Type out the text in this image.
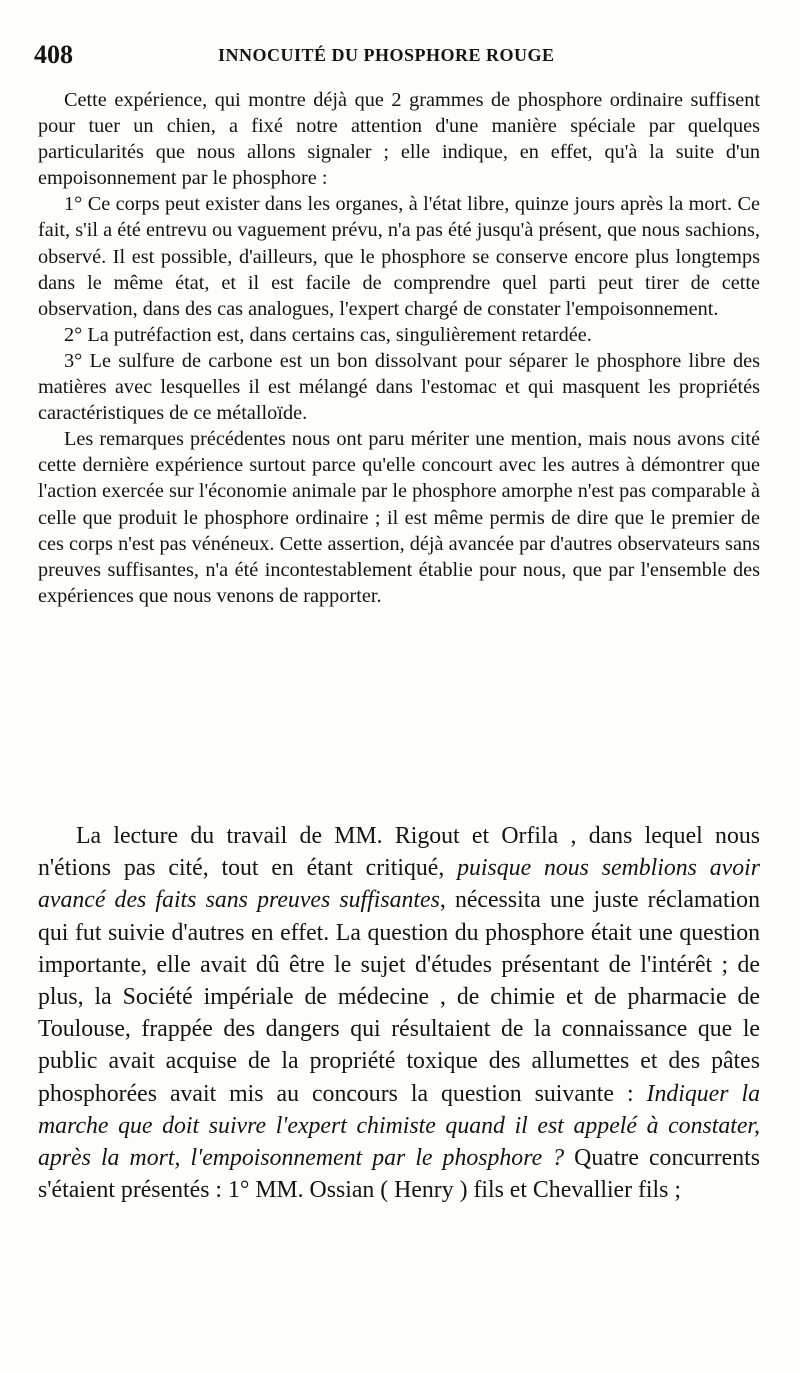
408	INNOCUITÉ DU PHOSPHORE ROUGE

Cette expérience, qui montre déjà que 2 grammes de phosphore ordinaire suffisent pour tuer un chien, a fixé notre attention d'une manière spéciale par quelques particularités que nous allons signaler ; elle indique, en effet, qu'à la suite d'un empoisonnement par le phosphore :

1° Ce corps peut exister dans les organes, à l'état libre, quinze jours après la mort. Ce fait, s'il a été entrevu ou vaguement prévu, n'a pas été jusqu'à présent, que nous sachions, observé. Il est possible, d'ailleurs, que le phosphore se conserve encore plus longtemps dans le même état, et il est facile de comprendre quel parti peut tirer de cette observation, dans des cas analogues, l'expert chargé de constater l'empoisonnement.

2° La putréfaction est, dans certains cas, singulièrement retardée.

3° Le sulfure de carbone est un bon dissolvant pour séparer le phosphore libre des matières avec lesquelles il est mélangé dans l'estomac et qui masquent les propriétés caractéristiques de ce métalloïde.

Les remarques précédentes nous ont paru mériter une mention, mais nous avons cité cette dernière expérience surtout parce qu'elle concourt avec les autres à démontrer que l'action exercée sur l'économie animale par le phosphore amorphe n'est pas comparable à celle que produit le phosphore ordinaire ; il est même permis de dire que le premier de ces corps n'est pas vénéneux. Cette assertion, déjà avancée par d'autres observateurs sans preuves suffisantes, n'a été incontestablement établie pour nous, que par l'ensemble des expériences que nous venons de rapporter.

La lecture du travail de MM. Rigout et Orfila , dans lequel nous n'étions pas cité, tout en étant critiqué, puisque nous semblions avoir avancé des faits sans preuves suffisantes, nécessita une juste réclamation qui fut suivie d'autres en effet. La question du phosphore était une question importante, elle avait dû être le sujet d'études présentant de l'intérêt ; de plus, la Société impériale de médecine , de chimie et de pharmacie de Toulouse, frappée des dangers qui résultaient de la connaissance que le public avait acquise de la propriété toxique des allumettes et des pâtes phosphorées avait mis au concours la question suivante : Indiquer la marche que doit suivre l'expert chimiste quand il est appelé à constater, après la mort, l'empoisonnement par le phosphore ? Quatre concurrents s'étaient présentés : 1° MM. Ossian ( Henry ) fils et Chevallier fils ;
